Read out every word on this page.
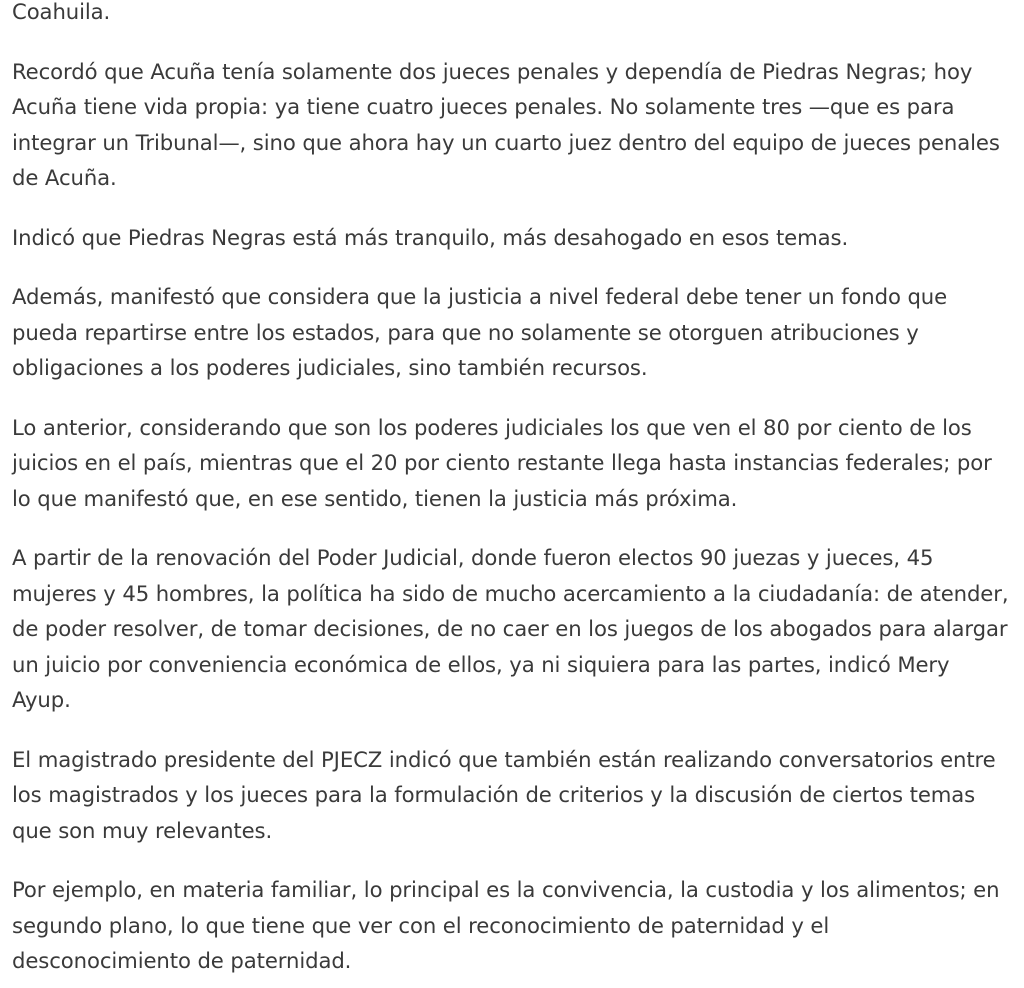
Coahuila.

Recordó que Acuña tenía solamente dos jueces penales y dependía de Piedras Negras; hoy Acuña tiene vida propia: ya tiene cuatro jueces penales. No solamente tres —que es para integrar un Tribunal—, sino que ahora hay un cuarto juez dentro del equipo de jueces penales de Acuña.

Indicó que Piedras Negras está más tranquilo, más desahogado en esos temas.

Además, manifestó que considera que la justicia a nivel federal debe tener un fondo que pueda repartirse entre los estados, para que no solamente se otorguen atribuciones y obligaciones a los poderes judiciales, sino también recursos.

Lo anterior, considerando que son los poderes judiciales los que ven el 80 por ciento de los juicios en el país, mientras que el 20 por ciento restante llega hasta instancias federales; por lo que manifestó que, en ese sentido, tienen la justicia más próxima.

A partir de la renovación del Poder Judicial, donde fueron electos 90 juezas y jueces, 45 mujeres y 45 hombres, la política ha sido de mucho acercamiento a la ciudadanía: de atender, de poder resolver, de tomar decisiones, de no caer en los juegos de los abogados para alargar un juicio por conveniencia económica de ellos, ya ni siquiera para las partes, indicó Mery Ayup.

El magistrado presidente del PJECZ indicó que también están realizando conversatorios entre los magistrados y los jueces para la formulación de criterios y la discusión de ciertos temas que son muy relevantes.

Por ejemplo, en materia familiar, lo principal es la convivencia, la custodia y los alimentos; en segundo plano, lo que tiene que ver con el reconocimiento de paternidad y el desconocimiento de paternidad.
